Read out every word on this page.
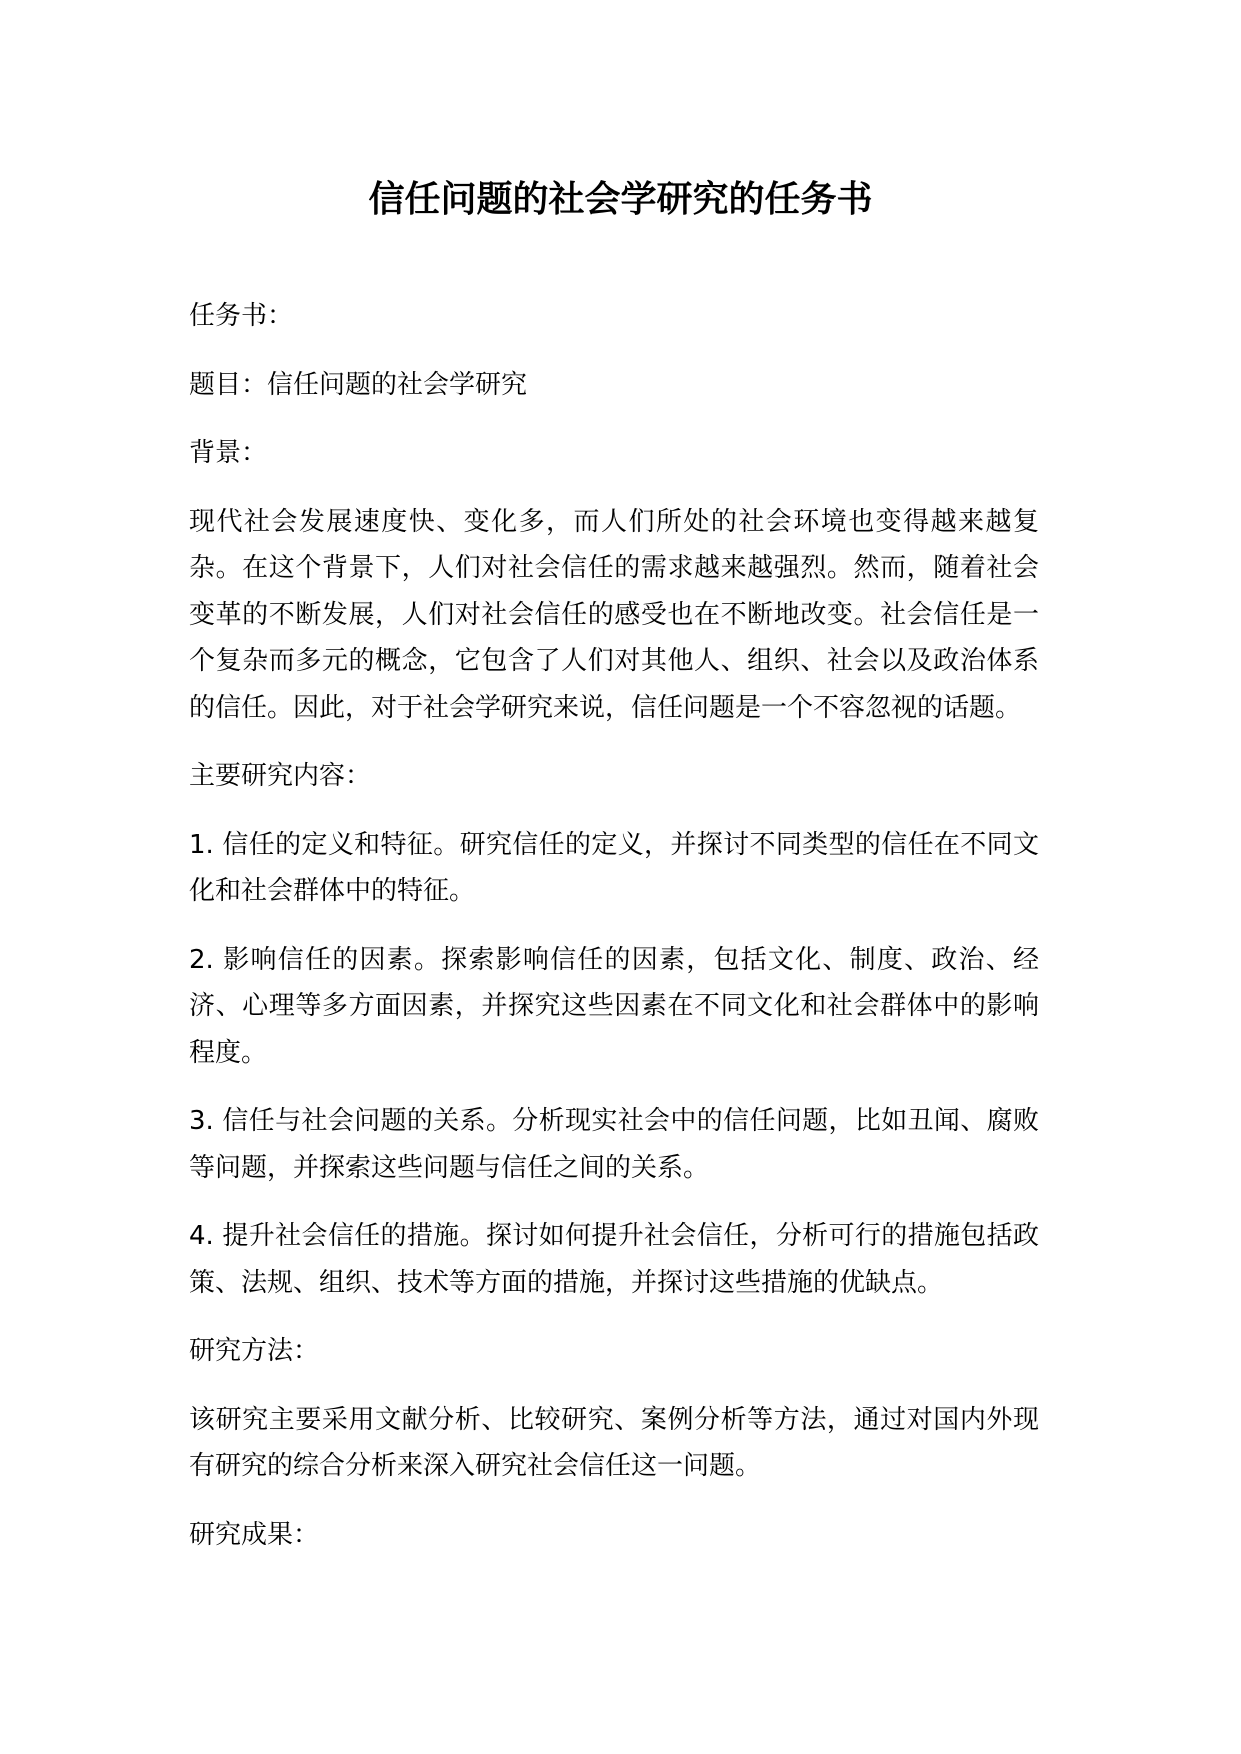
信任问题的社会学研究的任务书

任务书：

题目：信任问题的社会学研究

背景：

现代社会发展速度快、变化多，而人们所处的社会环境也变得越来越复杂。在这个背景下，人们对社会信任的需求越来越强烈。然而，随着社会变革的不断发展，人们对社会信任的感受也在不断地改变。社会信任是一个复杂而多元的概念，它包含了人们对其他人、组织、社会以及政治体系的信任。因此，对于社会学研究来说，信任问题是一个不容忽视的话题。

主要研究内容：

1. 信任的定义和特征。研究信任的定义，并探讨不同类型的信任在不同文化和社会群体中的特征。

2. 影响信任的因素。探索影响信任的因素，包括文化、制度、政治、经济、心理等多方面因素，并探究这些因素在不同文化和社会群体中的影响程度。

3. 信任与社会问题的关系。分析现实社会中的信任问题，比如丑闻、腐败等问题，并探索这些问题与信任之间的关系。

4. 提升社会信任的措施。探讨如何提升社会信任，分析可行的措施包括政策、法规、组织、技术等方面的措施，并探讨这些措施的优缺点。

研究方法：

该研究主要采用文献分析、比较研究、案例分析等方法，通过对国内外现有研究的综合分析来深入研究社会信任这一问题。

研究成果：
